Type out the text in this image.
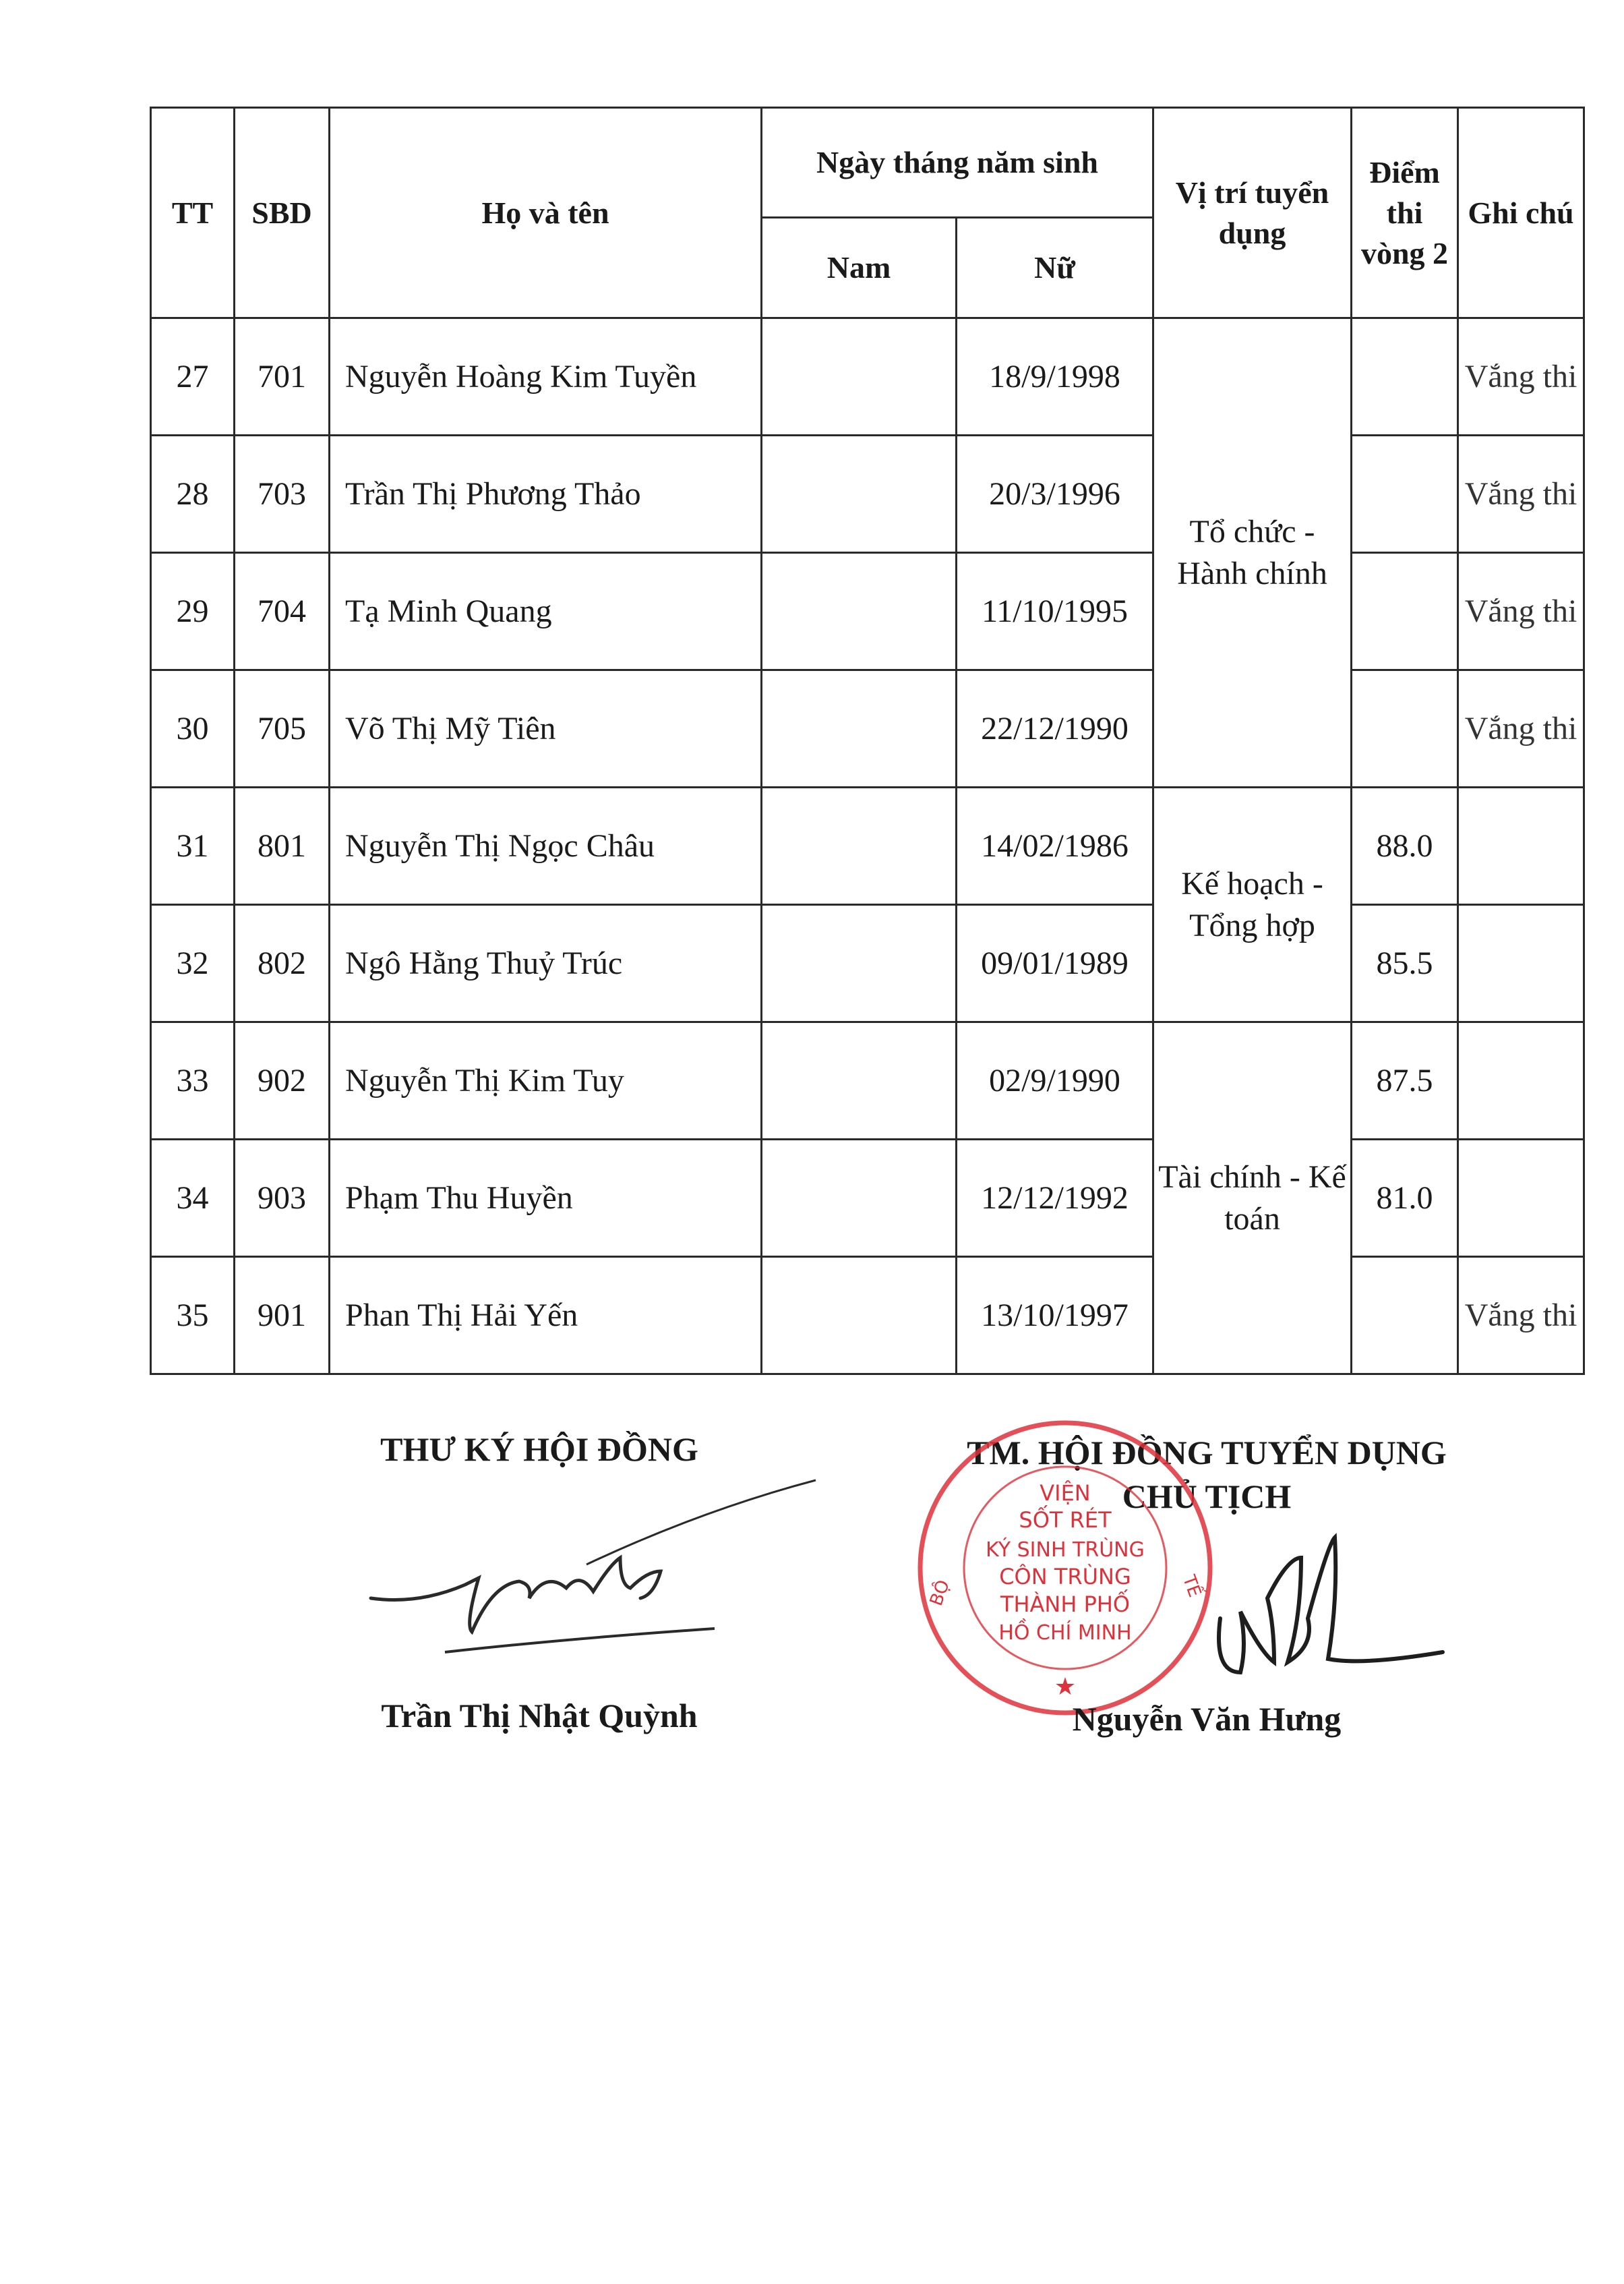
TT	SBD	Họ và tên	Ngày tháng năm sinh		Vị trí tuyển dụng	Điểm thi vòng 2	Ghi chú
			Nam	Nữ			
27	701	Nguyễn Hoàng Kim Tuyền		18/9/1998	Tổ chức - Hành chính		Vắng thi
28	703	Trần Thị Phương Thảo		20/3/1996			Vắng thi
29	704	Tạ Minh Quang		11/10/1995			Vắng thi
30	705	Võ Thị Mỹ Tiên		22/12/1990			Vắng thi
31	801	Nguyễn Thị Ngọc Châu		14/02/1986	Kế hoạch - Tổng hợp	88.0	
32	802	Ngô Hằng Thuỷ Trúc		09/01/1989		85.5	
33	902	Nguyễn Thị Kim Tuy		02/9/1990	Tài chính - Kế toán	87.5	
34	903	Phạm Thu Huyền		12/12/1992		81.0	
35	901	Phan Thị Hải Yến		13/10/1997			Vắng thi
THƯ KÝ HỘI ĐỒNG
Trần Thị Nhật Quỳnh
TM. HỘI ĐỒNG TUYỂN DỤNG
CHỦ TỊCH
VIỆN
SỐT RÉT
KÝ SINH TRÙNG
CÔN TRÙNG
THÀNH PHỐ
HỒ CHÍ MINH
BỘ	TẾ
★
Nguyễn Văn Hưng
